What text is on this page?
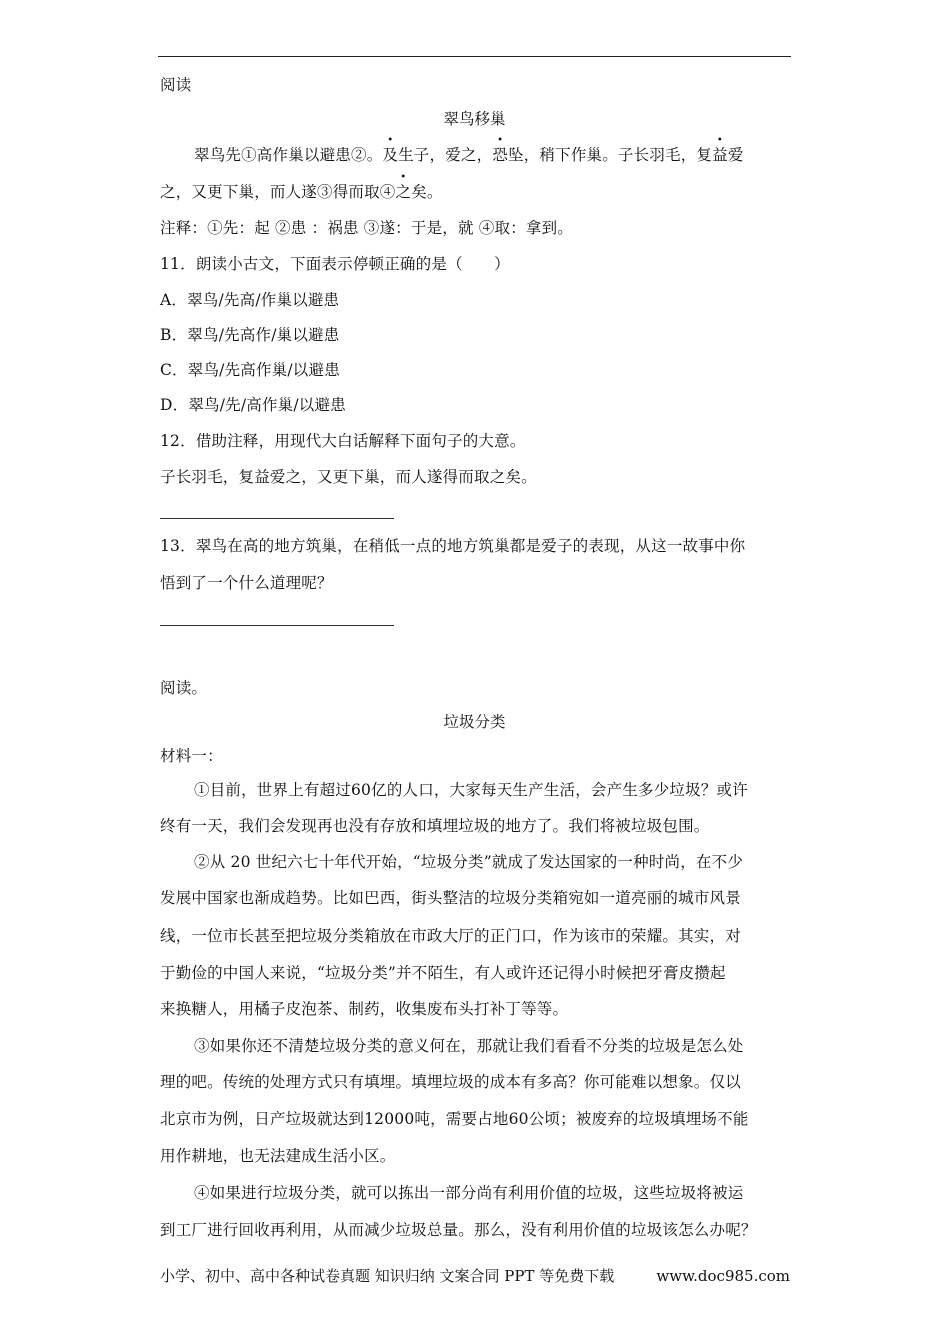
阅读
翠鸟移巢
翠鸟先①高作巢以避患②。及生子，爱之，恐坠，稍下作巢。子长羽毛，复益爱
之，又更下巢，而人遂③得而取④之矣。
注释：①先：起 ②患 ：祸患 ③遂：于是，就 ④取：拿到。
11．朗读小古文，下面表示停顿正确的是（　　）
A．翠鸟/先高/作巢以避患
B．翠鸟/先高作/巢以避患
C．翠鸟/先高作巢/以避患
D．翠鸟/先/高作巢/以避患
12．借助注释，用现代大白话解释下面句子的大意。
子长羽毛，复益爱之，又更下巢，而人遂得而取之矣。
13．翠鸟在高的地方筑巢，在稍低一点的地方筑巢都是爱子的表现，从这一故事中你
悟到了一个什么道理呢？
阅读。
垃圾分类
材料一：
①目前，世界上有超过60亿的人口，大家每天生产生活，会产生多少垃圾？或许
终有一天，我们会发现再也没有存放和填埋垃圾的地方了。我们将被垃圾包围。
②从 20 世纪六七十年代开始，“垃圾分类”就成了发达国家的一种时尚，在不少
发展中国家也渐成趋势。比如巴西，街头整洁的垃圾分类箱宛如一道亮丽的城市风景
线，一位市长甚至把垃圾分类箱放在市政大厅的正门口，作为该市的荣耀。其实，对
于勤俭的中国人来说，“垃圾分类”并不陌生，有人或许还记得小时候把牙膏皮攒起
来换糖人，用橘子皮泡茶、制药，收集废布头打补丁等等。
③如果你还不清楚垃圾分类的意义何在，那就让我们看看不分类的垃圾是怎么处
理的吧。传统的处理方式只有填埋。填埋垃圾的成本有多高？你可能难以想象。仅以
北京市为例，日产垃圾就达到12000吨，需要占地60公顷；被废弃的垃圾填埋场不能
用作耕地，也无法建成生活小区。
④如果进行垃圾分类，就可以拣出一部分尚有利用价值的垃圾，这些垃圾将被运
到工厂进行回收再利用，从而减少垃圾总量。那么，没有利用价值的垃圾该怎么办呢？
小学、初中、高中各种试卷真题 知识归纳 文案合同 PPT 等免费下载	www.doc985.com
